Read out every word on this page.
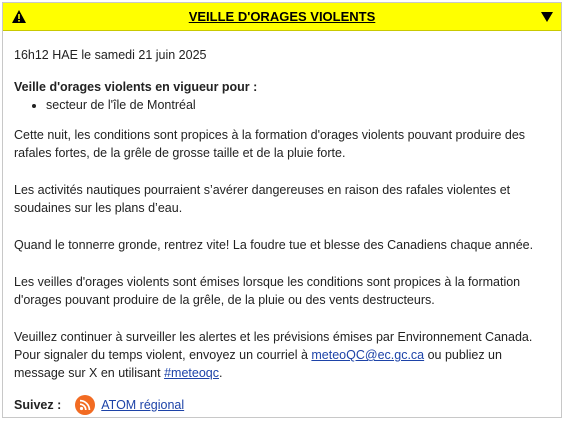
VEILLE D'ORAGES VIOLENTS

16h12 HAE le samedi 21 juin 2025

Veille d'orages violents en vigueur pour :

• secteur de l'île de Montréal

Cette nuit, les conditions sont propices à la formation d'orages violents pouvant produire des rafales fortes, de la grêle de grosse taille et de la pluie forte.

Les activités nautiques pourraient s’avérer dangereuses en raison des rafales violentes et soudaines sur les plans d’eau.

Quand le tonnerre gronde, rentrez vite! La foudre tue et blesse des Canadiens chaque année.

Les veilles d'orages violents sont émises lorsque les conditions sont propices à la formation d'orages pouvant produire de la grêle, de la pluie ou des vents destructeurs.

Veuillez continuer à surveiller les alertes et les prévisions émises par Environnement Canada. Pour signaler du temps violent, envoyez un courriel à meteoQC@ec.gc.ca ou publiez un message sur X en utilisant #meteoqc.

Suivez :	ATOM régional
